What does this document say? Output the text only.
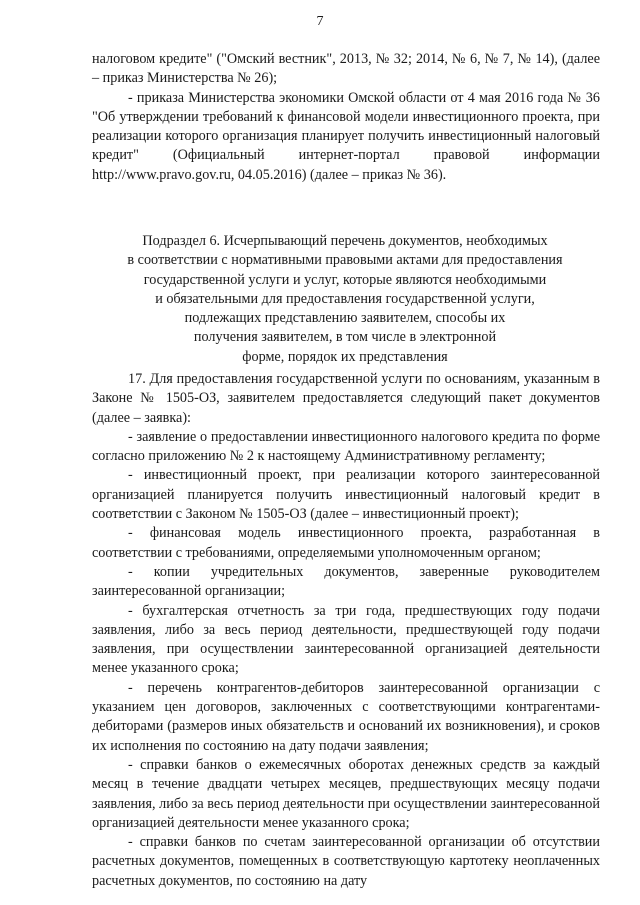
7

налоговом кредите" ("Омский вестник", 2013, № 32; 2014, № 6, № 7, № 14), (далее – приказ Министерства № 26);

- приказа Министерства экономики Омской области от 4 мая 2016 года № 36 "Об утверждении требований к финансовой модели инвестиционного проекта, при реализации которого организация планирует получить инвестиционный налоговый кредит" (Официальный интернет-портал правовой информации http://www.pravo.gov.ru, 04.05.2016) (далее – приказ № 36).

Подраздел 6. Исчерпывающий перечень документов, необходимых
в соответствии с нормативными правовыми актами для предоставления
государственной услуги и услуг, которые являются необходимыми
и обязательными для предоставления государственной услуги,
подлежащих представлению заявителем, способы их
получения заявителем, в том числе в электронной
форме, порядок их представления

17. Для предоставления государственной услуги по основаниям, указанным в Законе № 1505-ОЗ, заявителем предоставляется следующий пакет документов (далее – заявка):

- заявление о предоставлении инвестиционного налогового кредита по форме согласно приложению № 2 к настоящему Административному регламенту;

- инвестиционный проект, при реализации которого заинтересованной организацией планируется получить инвестиционный налоговый кредит в соответствии с Законом № 1505-ОЗ (далее – инвестиционный проект);

- финансовая модель инвестиционного проекта, разработанная в соответствии с требованиями, определяемыми уполномоченным органом;

- копии учредительных документов, заверенные руководителем заинтересованной организации;

- бухгалтерская отчетность за три года, предшествующих году подачи заявления, либо за весь период деятельности, предшествующей году подачи заявления, при осуществлении заинтересованной организацией деятельности менее указанного срока;

- перечень контрагентов-дебиторов заинтересованной организации с указанием цен договоров, заключенных с соответствующими контрагентами-дебиторами (размеров иных обязательств и оснований их возникновения), и сроков их исполнения по состоянию на дату подачи заявления;

- справки банков о ежемесячных оборотах денежных средств за каждый месяц в течение двадцати четырех месяцев, предшествующих месяцу подачи заявления, либо за весь период деятельности при осуществлении заинтересованной организацией деятельности менее указанного срока;

- справки банков по счетам заинтересованной организации об отсутствии расчетных документов, помещенных в соответствующую картотеку неоплаченных расчетных документов, по состоянию на дату
